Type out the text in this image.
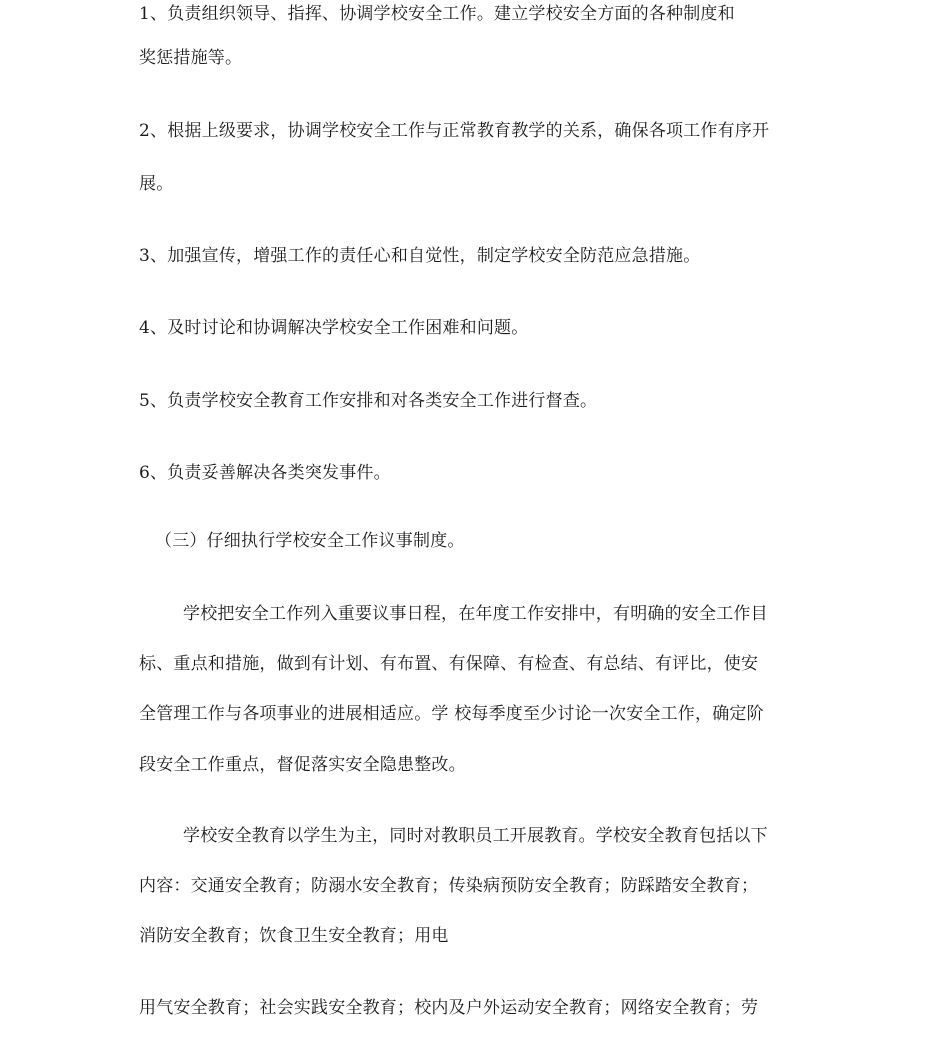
1、负责组织领导、指挥、协调学校安全工作。建立学校安全方面的各种制度和
奖惩措施等。
2、根据上级要求，协调学校安全工作与正常教育教学的关系，确保各项工作有序开
展。
3、加强宣传，增强工作的责任心和自觉性，制定学校安全防范应急措施。
4、及时讨论和协调解决学校安全工作困难和问题。
5、负责学校安全教育工作安排和对各类安全工作进行督查。
6、负责妥善解决各类突发事件。
（三）仔细执行学校安全工作议事制度。
学校把安全工作列入重要议事日程，在年度工作安排中，有明确的安全工作目
标、重点和措施，做到有计划、有布置、有保障、有检查、有总结、有评比，使安
全管理工作与各项事业的进展相适应。学 校每季度至少讨论一次安全工作，确定阶
段安全工作重点，督促落实安全隐患整改。
学校安全教育以学生为主，同时对教职员工开展教育。学校安全教育包括以下
内容：交通安全教育；防溺水安全教育；传染病预防安全教育；防踩踏安全教育；
消防安全教育；饮食卫生安全教育；用电
用气安全教育；社会实践安全教育；校内及户外运动安全教育；网络安全教育；劳
